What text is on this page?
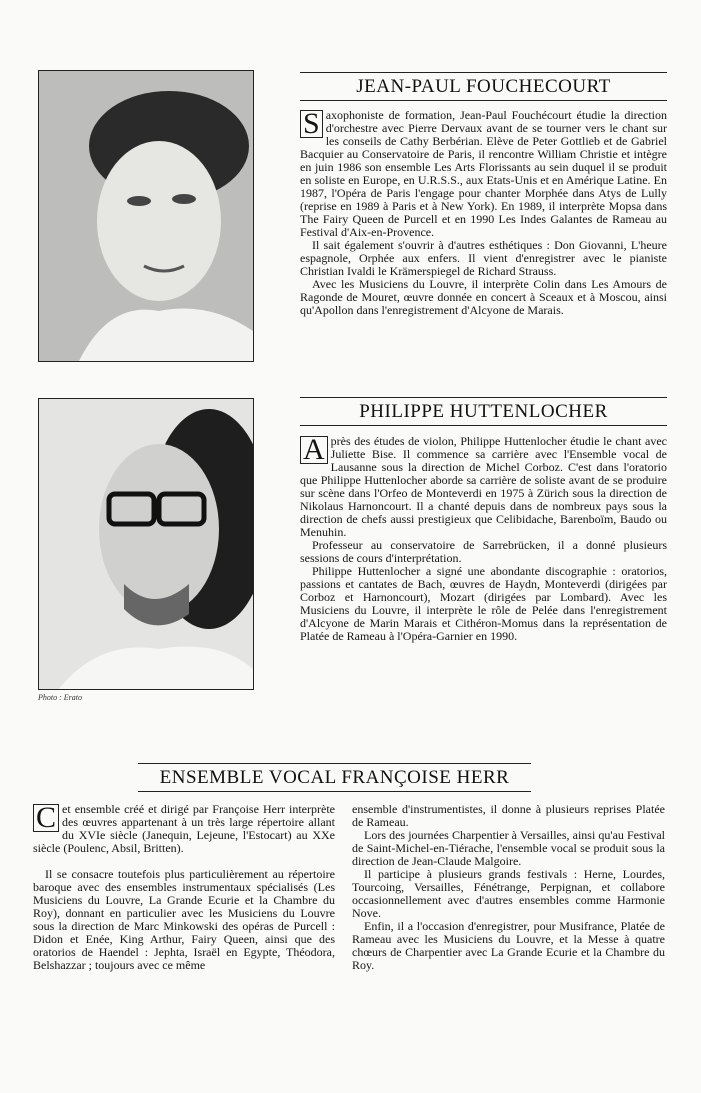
Photo : Erato
JEAN-PAUL FOUCHECOURT

S axophoniste de formation, Jean-Paul Fouchécourt étudie la direction d'orchestre avec Pierre Dervaux avant de se tourner vers le chant sur les conseils de Cathy Berbérian. Elève de Peter Gottlieb et de Gabriel Bacquier au Conservatoire de Paris, il rencontre William Christie et intègre en juin 1986 son ensemble Les Arts Florissants au sein duquel il se produit en soliste en Europe, en U.R.S.S., aux Etats-Unis et en Amérique Latine. En 1987, l'Opéra de Paris l'engage pour chanter Morphée dans Atys de Lully (reprise en 1989 à Paris et à New York). En 1989, il interprète Mopsa dans The Fairy Queen de Purcell et en 1990 Les Indes Galantes de Rameau au Festival d'Aix-en-Provence.

Il sait également s'ouvrir à d'autres esthétiques : Don Giovanni, L'heure espagnole, Orphée aux enfers. Il vient d'enregistrer avec le pianiste Christian Ivaldi le Krämerspiegel de Richard Strauss.

Avec les Musiciens du Louvre, il interprète Colin dans Les Amours de Ragonde de Mouret, œuvre donnée en concert à Sceaux et à Moscou, ainsi qu'Apollon dans l'enregistrement d'Alcyone de Marais.

PHILIPPE HUTTENLOCHER

A près des études de violon, Philippe Huttenlocher étudie le chant avec Juliette Bise. Il commence sa carrière avec l'Ensemble vocal de Lausanne sous la direction de Michel Corboz. C'est dans l'oratorio que Philippe Huttenlocher aborde sa carrière de soliste avant de se produire sur scène dans l'Orfeo de Monteverdi en 1975 à Zürich sous la direction de Nikolaus Harnoncourt. Il a chanté depuis dans de nombreux pays sous la direction de chefs aussi prestigieux que Celibidache, Barenboïm, Baudo ou Menuhin.

Professeur au conservatoire de Sarrebrücken, il a donné plusieurs sessions de cours d'interprétation.

Philippe Huttenlocher a signé une abondante discographie : oratorios, passions et cantates de Bach, œuvres de Haydn, Monteverdi (dirigées par Corboz et Harnoncourt), Mozart (dirigées par Lombard). Avec les Musiciens du Louvre, il interprète le rôle de Pelée dans l'enregistrement d'Alcyone de Marin Marais et Cithéron-Momus dans la représentation de Platée de Rameau à l'Opéra-Garnier en 1990.

ENSEMBLE VOCAL FRANÇOISE HERR

C et ensemble créé et dirigé par Françoise Herr interprète des œuvres appartenant à un très large répertoire allant du XVIe siècle (Janequin, Lejeune, l'Estocart) au XXe siècle (Poulenc, Absil, Britten).

Il se consacre toutefois plus particulièrement au répertoire baroque avec des ensembles instrumentaux spécialisés (Les Musiciens du Louvre, La Grande Ecurie et la Chambre du Roy), donnant en particulier avec les Musiciens du Louvre sous la direction de Marc Minkowski des opéras de Purcell : Didon et Enée, King Arthur, Fairy Queen, ainsi que des oratorios de Haendel : Jephta, Israël en Egypte, Théodora, Belshazzar ; toujours avec ce même

ensemble d'instrumentistes, il donne à plusieurs reprises Platée de Rameau.

Lors des journées Charpentier à Versailles, ainsi qu'au Festival de Saint-Michel-en-Tiérache, l'ensemble vocal se produit sous la direction de Jean-Claude Malgoire.

Il participe à plusieurs grands festivals : Herne, Lourdes, Tourcoing, Versailles, Fénétrange, Perpignan, et collabore occasionnellement avec d'autres ensembles comme Harmonie Nove.

Enfin, il a l'occasion d'enregistrer, pour Musifrance, Platée de Rameau avec les Musiciens du Louvre, et la Messe à quatre chœurs de Charpentier avec La Grande Ecurie et la Chambre du Roy.
